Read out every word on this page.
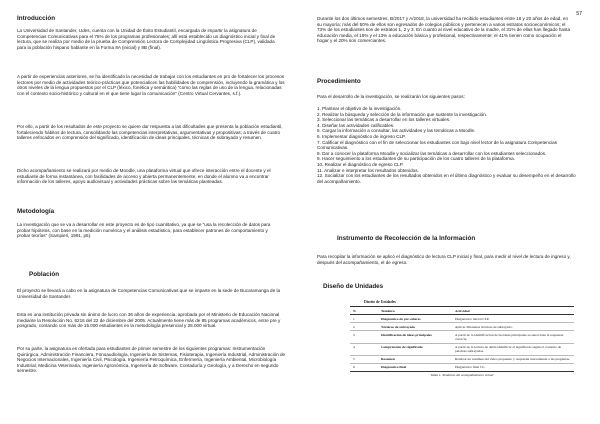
57
Introducción

La Universidad de Santander, Udes, cuenta con la Unidad de Éxito Estudiantil, encargada de impartir la asignatura de Competencias Comunicativas para el 75% de los programas profesionales; allí está establecido un diagnóstico inicial y final de lectura, que se realiza por medio de la prueba de Comprensión Lectora de Complejidad Lingüística Progresiva (CLP), validada para la población hispano hablante en la Forma 8A (inicial) y 8B (final).

A partir de experiencias anteriores, se ha identificado la necesidad de trabajar con los estudiantes en pro de fortalecer los procesos lectores por medio de actividades teórico-prácticas que potencialicen las habilidades de comprensión, incluyendo la gramática y los otros niveles de la lengua propuestos por el CLP (léxico, fonética y semántica) "como las reglas de uso de la lengua, relacionadas con el contexto socio-histórico y cultural en el que tiene lugar la comunicación" (Centro Virtual Cervantes, s.f.).

Por ello, a partir de los resultados de este proyecto se quiere dar respuesta a las dificultades que presenta la población estudiantil, fortaleciendo hábitos de lectura, consolidando las competencias interpretativas, argumentativas y propositivas; a través de cuatro talleres enfocados en comprensión del significado, identificación de ideas principales, técnicas de subrayado y resumen.

Dicho acompañamiento se realizará por medio de Moodle, una plataforma virtual que ofrece interacción entre el docente y el estudiante de forma instantánea, con facilidades de acceso y abierta permanentemente, en donde el alumno va a encontrar información de los talleres, apoyo audiovisual y actividades prácticas sobre las temáticas planteadas.

Metodología

La investigación que se va a desarrollar en este proyecto es de tipo cuantitativo, ya que se "usa la recolección de datos para probar hipótesis, con base en la medición numérica y el análisis estadístico, para establecer patrones de comportamiento y probar teorías" (Sampieri, 1991, p5).

Población

El proyecto se llevará a cabo en la asignatura de Competencias Comunicativas que se imparte en la sede de Bucaramanga de la Universidad de Santander.

Esta es una institución privada sin ánimo de lucro con 36 años de experiencia, aprobada por el Ministerio de Educación Nacional mediante la Resolución No. 6216 del 22 de diciembre del 2005. Actualmente tiene más de 85 programas académicos, entre pre y posgrado, contando con más de 15.000 estudiantes en la metodología presencial y 25.000 virtual.

Por su parte, la asignatura es ofertada para estudiantes de primer semestre de los siguientes programas: Instrumentación Quirúrgica, Administración Financiera, Fonoaudiología, Ingeniería de Sistemas, Fisioterapia, Ingeniería Industrial, Administración de Negocios Internacionales, Ingeniería Civil, Psicología, Ingeniería Petroquímica, Enfermería, Ingeniería Ambiental, Microbiología Industrial, Medicina Veterinaria, Ingeniería Agronómica, Ingeniería de Software, Contaduría y Geología, y a Derecho en segundo semestre.

Durante los dos últimos semestres, B/2017 y A/2018, la universidad ha recibido estudiantes entre 16 y 20 años de edad, en su mayoría; más del 50% de ellos son egresados de colegios públicos y pertenecen a varios estratos socioeconómicos; el 73% de los estudiantes son de estratos 1, 2 y 3. En cuanto al nivel educativo de la madre, el 31% de ellas han llegado hasta educación media, el 16% y el 13% a educación básica y profesional, respectivamente; el 41% tienen como ocupación el hogar y el 20% son comerciantes.

Procedimiento

Para el desarrollo de la investigación, se realizarán los siguientes pasos:

1. Plantear el objetivo de la investigación.
2. Realizar la búsqueda y selección de la información que sustente la investigación.
3. Seleccionar las temáticas a desarrollar en los talleres virtuales.
4. Diseñar las actividades calificables.
5. Cargar la información a consultar, las actividades y las temáticas a Moodle.
6. Implementar diagnóstico de ingreso CLP.
7. Calificar el diagnóstico con el fin de seleccionar los estudiantes con bajo nivel lector de la asignatura Competencias Comunicativas.
8. Dar a conocer la plataforma Moodle y socializar las temáticas a desarrollar con los estudiantes seleccionados.
9. Hacer seguimiento a los estudiantes de su participación de los cuatro talleres de la plataforma.
10. Realizar el diagnóstico de egreso CLP.
11. Analizar e interpretar los resultados obtenidos.
12. Socializar con los estudiantes de los resultados obtenidos en el último diagnóstico y evaluar su desempeño en el desarrollo del acompañamiento.
Instrumento de Recolección de la Información

Para recopilar la información se aplicó el diagnóstico de lectura CLP inicial y final, para medir el nivel de lectura de ingreso y, después del acompañamiento, el de egreso.

Diseño de Unidades
Diseño de Unidades
N.	Temática	Actividad
1	Diagnóstico de pre saberes	Diagnóstico inicial CLP.
2	Técnicas de subrayado	Aplicar diferentes técnicas de subrayado.
3	Identificación de ideas principales	A partir de la identificación de las ideas principales se selecciona la respuesta correcta.
4	Comprensión de significado	A partir de la lectura de debía identificar el significado según el contexto de palabras subrayadas.
5	Resumen	Realizar un resumen del video propuesto y responder nuevamente a las preguntas.
6	Diagnóstico final	Diagnóstico final CL.
Tabla 1. Temáticas del acompañamiento virtual
